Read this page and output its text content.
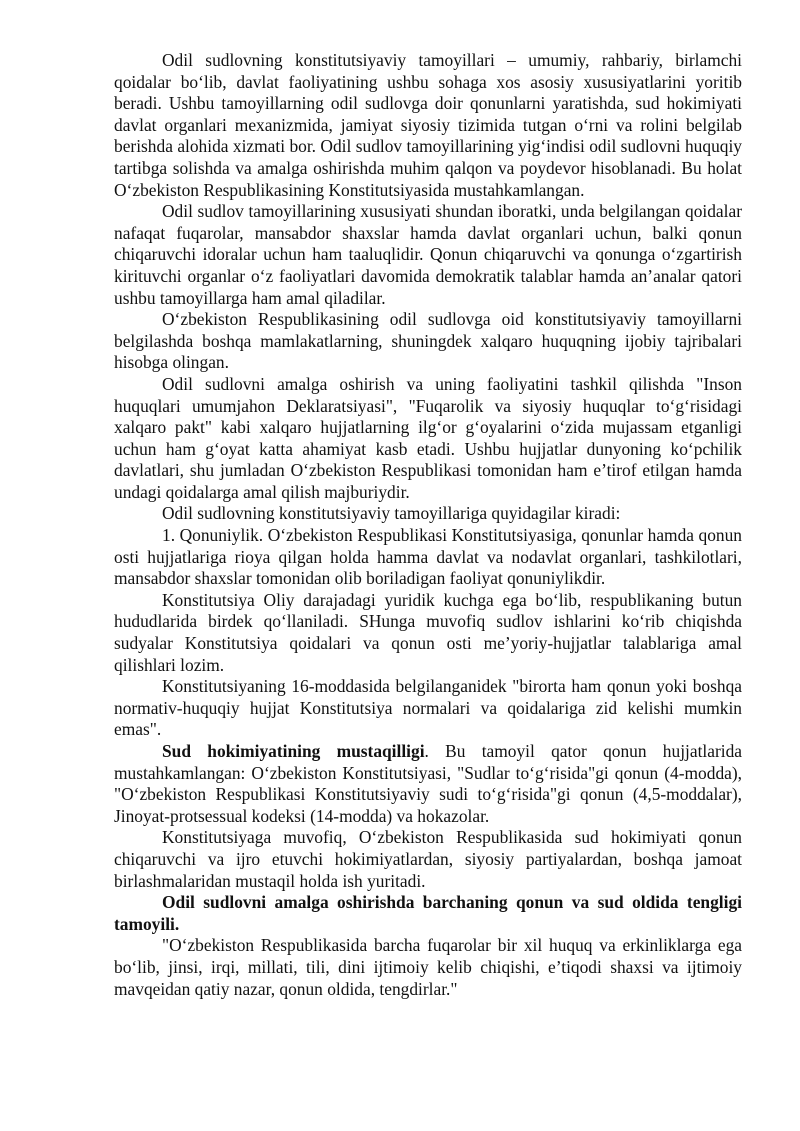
Odil sudlovning konstitutsiyaviy tamoyillari – umumiy, rahbariy, birlamchi qoidalar bo‘lib, davlat faoliyatining ushbu sohaga xos asosiy xususiyatlarini yoritib beradi. Ushbu tamoyillarning odil sudlovga doir qonunlarni yaratishda, sud hokimiyati davlat organlari mexanizmida, jamiyat siyosiy tizimida tutgan o‘rni va rolini belgilab berishda alohida xizmati bor. Odil sudlov tamoyillarining yig‘indisi odil sudlovni huquqiy tartibga solishda va amalga oshirishda muhim qalqon va poydevor hisoblanadi. Bu holat O‘zbekiston Respublikasining Konstitutsiyasida mustahkamlangan.

Odil sudlov tamoyillarining xususiyati shundan iboratki, unda belgilangan qoidalar nafaqat fuqarolar, mansabdor shaxslar hamda davlat organlari uchun, balki qonun chiqaruvchi idoralar uchun ham taaluqlidir. Qonun chiqaruvchi va qonunga o‘zgartirish kirituvchi organlar o‘z faoliyatlari davomida demokratik talablar hamda an’analar qatori ushbu tamoyillarga ham amal qiladilar.

O‘zbekiston Respublikasining odil sudlovga oid konstitutsiyaviy tamoyillarni belgilashda boshqa mamlakatlarning, shuningdek xalqaro huquqning ijobiy tajribalari hisobga olingan.

Odil sudlovni amalga oshirish va uning faoliyatini tashkil qilishda "Inson huquqlari umumjahon Deklaratsiyasi", "Fuqarolik va siyosiy huquqlar to‘g‘risidagi xalqaro pakt" kabi xalqaro hujjatlarning ilg‘or g‘oyalarini o‘zida mujassam etganligi uchun ham g‘oyat katta ahamiyat kasb etadi. Ushbu hujjatlar dunyoning ko‘pchilik davlatlari, shu jumladan O‘zbekiston Respublikasi tomonidan ham e’tirof etilgan hamda undagi qoidalarga amal qilish majburiydir.

Odil sudlovning konstitutsiyaviy tamoyillariga quyidagilar kiradi:

1. Qonuniylik. O‘zbekiston Respublikasi Konstitutsiyasiga, qonunlar hamda qonun osti hujjatlariga rioya qilgan holda hamma davlat va nodavlat organlari, tashkilotlari, mansabdor shaxslar tomonidan olib boriladigan faoliyat qonuniylikdir.

Konstitutsiya Oliy darajadagi yuridik kuchga ega bo‘lib, respublikaning butun hududlarida birdek qo‘llaniladi. SHunga muvofiq sudlov ishlarini ko‘rib chiqishda sudyalar Konstitutsiya qoidalari va qonun osti me’yoriy-hujjatlar talablariga amal qilishlari lozim.

Konstitutsiyaning 16-moddasida belgilanganidek "birorta ham qonun yoki boshqa normativ-huquqiy hujjat Konstitutsiya normalari va qoidalariga zid kelishi mumkin emas".

Sud hokimiyatining mustaqilligi. Bu tamoyil qator qonun hujjatlarida mustahkamlangan: O‘zbekiston Konstitutsiyasi, "Sudlar to‘g‘risida"gi qonun (4-modda), "O‘zbekiston Respublikasi Konstitutsiyaviy sudi to‘g‘risida"gi qonun (4,5-moddalar), Jinoyat-protsessual kodeksi (14-modda) va hokazolar.

Konstitutsiyaga muvofiq, O‘zbekiston Respublikasida sud hokimiyati qonun chiqaruvchi va ijro etuvchi hokimiyatlardan, siyosiy partiyalardan, boshqa jamoat birlashmalaridan mustaqil holda ish yuritadi.

Odil sudlovni amalga oshirishda barchaning qonun va sud oldida tengligi tamoyili.

"O‘zbekiston Respublikasida barcha fuqarolar bir xil huquq va erkinliklarga ega bo‘lib, jinsi, irqi, millati, tili, dini ijtimoiy kelib chiqishi, e’tiqodi shaxsi va ijtimoiy mavqeidan qatiy nazar, qonun oldida, tengdirlar."
